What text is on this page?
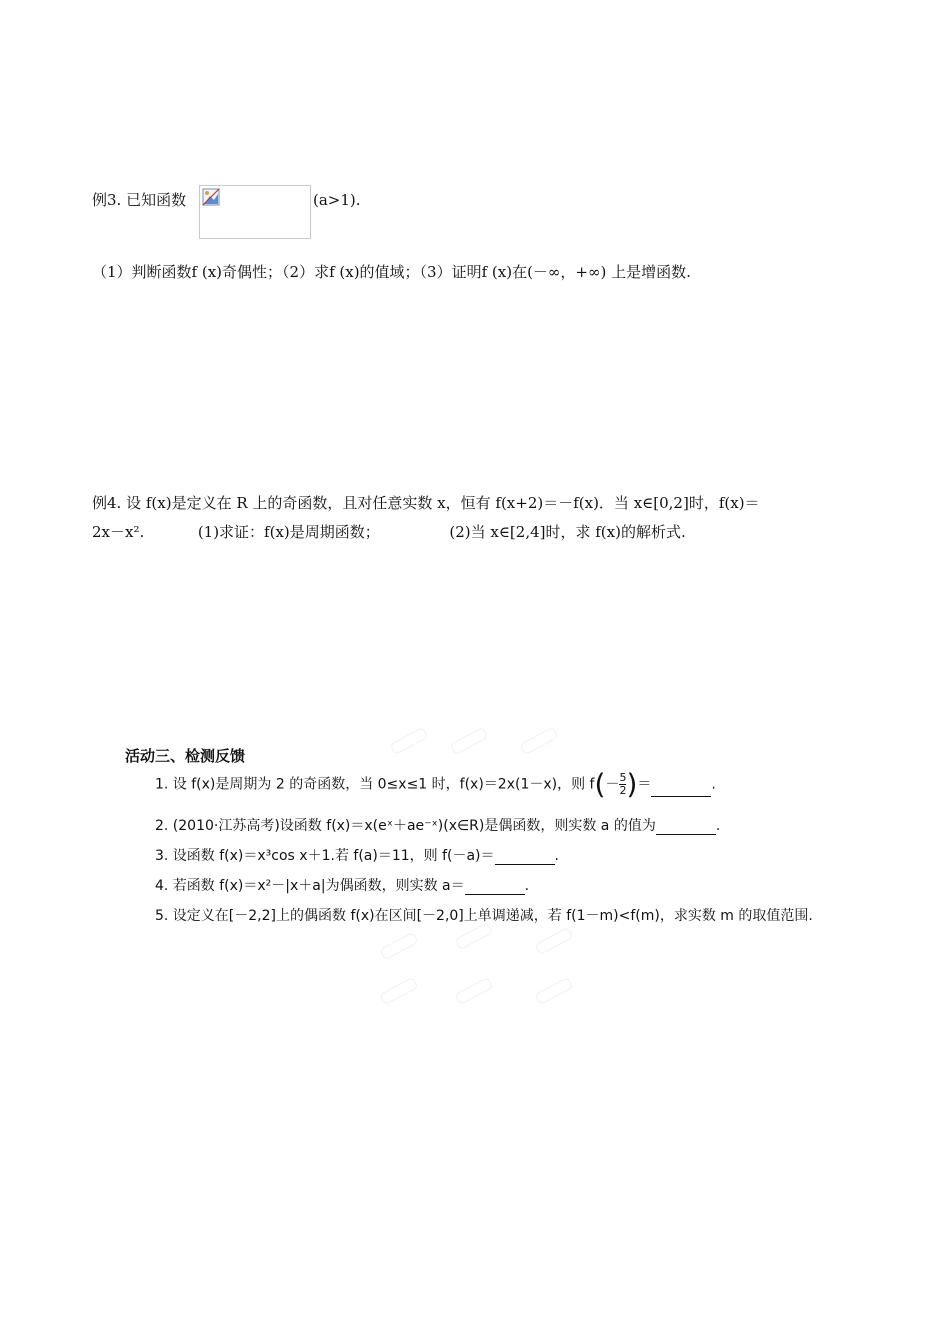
例3. 已知函数	(a>1).
（1）判断函数f (x)奇偶性；（2）求f (x)的值域；（3）证明f (x)在(－∞，+∞) 上是增函数.
例4. 设 f(x)是定义在 R 上的奇函数，且对任意实数 x，恒有 f(x+2)＝－f(x)．当 x∈[0,2]时，f(x)＝
2x－x².	(1)求证：f(x)是周期函数；	(2)当 x∈[2,4]时，求 f(x)的解析式.
活动三、检测反馈
1. 设 f(x)是周期为 2 的奇函数，当 0≤x≤1 时，f(x)＝2x(1－x)，则 $f(- \frac{5}{2}$ )＝	.
2. (2010·江苏高考)设函数 f(x)＝x(eˣ＋ae⁻ˣ)(x∈R)是偶函数，则实数 a 的值为	.
3. 设函数 f(x)＝x³cos x＋1.若 f(a)＝11，则 f(－a)＝	.
4. 若函数 f(x)＝x²－|x＋a|为偶函数，则实数 a＝	.
5. 设定义在[－2,2]上的偶函数 f(x)在区间[－2,0]上单调递减，若 f(1－m)<f(m)，求实数 m 的取值范围.
